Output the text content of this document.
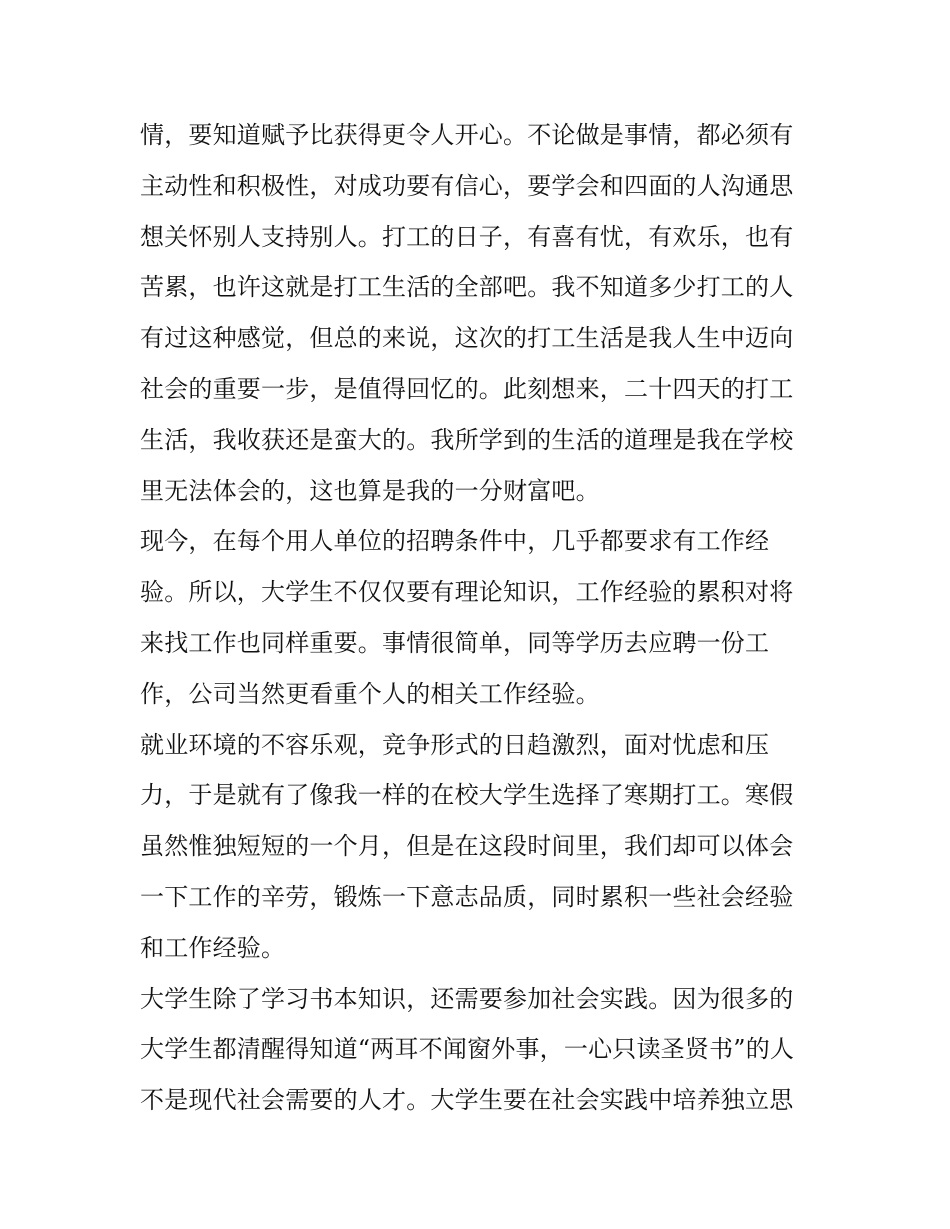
情，要知道赋予比获得更令人开心。不论做是事情，都必须有
主动性和积极性，对成功要有信心，要学会和四面的人沟通思
想关怀别人支持别人。打工的日子，有喜有忧，有欢乐，也有
苦累，也许这就是打工生活的全部吧。我不知道多少打工的人
有过这种感觉，但总的来说，这次的打工生活是我人生中迈向
社会的重要一步，是值得回忆的。此刻想来，二十四天的打工
生活，我收获还是蛮大的。我所学到的生活的道理是我在学校
里无法体会的，这也算是我的一分财富吧。
现今，在每个用人单位的招聘条件中，几乎都要求有工作经
验。所以，大学生不仅仅要有理论知识，工作经验的累积对将
来找工作也同样重要。事情很简单，同等学历去应聘一份工
作，公司当然更看重个人的相关工作经验。
就业环境的不容乐观，竞争形式的日趋激烈，面对忧虑和压
力，于是就有了像我一样的在校大学生选择了寒期打工。寒假
虽然惟独短短的一个月，但是在这段时间里，我们却可以体会
一下工作的辛劳，锻炼一下意志品质，同时累积一些社会经验
和工作经验。
大学生除了学习书本知识，还需要参加社会实践。因为很多的
大学生都清醒得知道“两耳不闻窗外事，一心只读圣贤书”的人
不是现代社会需要的人才。大学生要在社会实践中培养独立思
